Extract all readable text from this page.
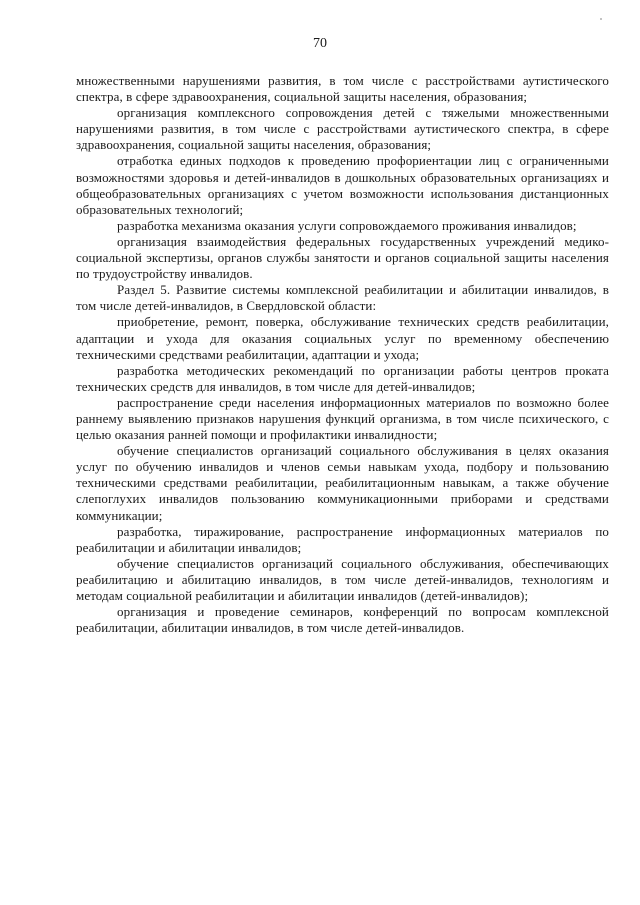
70

множественными нарушениями развития, в том числе с расстройствами аутистического спектра, в сфере здравоохранения, социальной защиты населения, образования;

организация комплексного сопровождения детей с тяжелыми множественными нарушениями развития, в том числе с расстройствами аутистического спектра, в сфере здравоохранения, социальной защиты населения, образования;

отработка единых подходов к проведению профориентации лиц с ограниченными возможностями здоровья и детей-инвалидов в дошкольных образовательных организациях и общеобразовательных организациях с учетом возможности использования дистанционных образовательных технологий;

разработка механизма оказания услуги сопровождаемого проживания инвалидов;

организация взаимодействия федеральных государственных учреждений медико-социальной экспертизы, органов службы занятости и органов социальной защиты населения по трудоустройству инвалидов.

Раздел 5. Развитие системы комплексной реабилитации и абилитации инвалидов, в том числе детей-инвалидов, в Свердловской области:

приобретение, ремонт, поверка, обслуживание технических средств реабилитации, адаптации и ухода для оказания социальных услуг по временному обеспечению техническими средствами реабилитации, адаптации и ухода;

разработка методических рекомендаций по организации работы центров проката технических средств для инвалидов, в том числе для детей-инвалидов;

распространение среди населения информационных материалов по возможно более раннему выявлению признаков нарушения функций организма, в том числе психического, с целью оказания ранней помощи и профилактики инвалидности;

обучение специалистов организаций социального обслуживания в целях оказания услуг по обучению инвалидов и членов семьи навыкам ухода, подбору и пользованию техническими средствами реабилитации, реабилитационным навыкам, а также обучение слепоглухих инвалидов пользованию коммуникационными приборами и средствами коммуникации;

разработка, тиражирование, распространение информационных материалов по реабилитации и абилитации инвалидов;

обучение специалистов организаций социального обслуживания, обеспечивающих реабилитацию и абилитацию инвалидов, в том числе детей-инвалидов, технологиям и методам социальной реабилитации и абилитации инвалидов (детей-инвалидов);

организация и проведение семинаров, конференций по вопросам комплексной реабилитации, абилитации инвалидов, в том числе детей-инвалидов.
